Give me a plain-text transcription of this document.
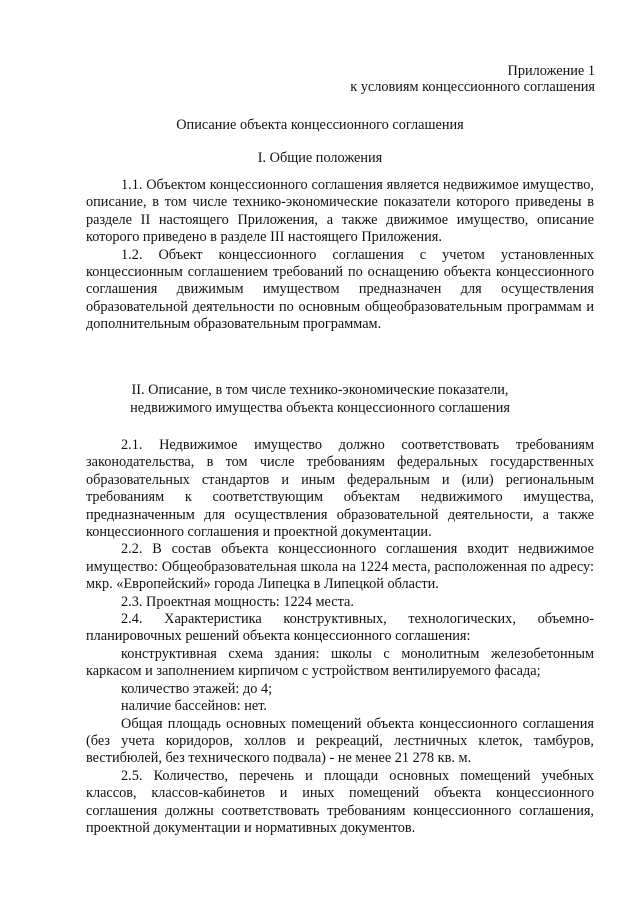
Приложение 1

к условиям концессионного соглашения

Описание объекта концессионного соглашения

I. Общие положения

1.1. Объектом концессионного соглашения является недвижимое имущество, описание, в том числе технико-экономические показатели которого приведены в разделе II настоящего Приложения, а также движимое имущество, описание которого приведено в разделе III настоящего Приложения.

1.2. Объект концессионного соглашения с учетом установленных концессионным соглашением требований по оснащению объекта концессионного соглашения движимым имуществом предназначен для осуществления образовательной деятельности по основным общеобразовательным программам и дополнительным образовательным программам.

II. Описание, в том числе технико-экономические показатели,
недвижимого имущества объекта концессионного соглашения

2.1. Недвижимое имущество должно соответствовать требованиям законодательства, в том числе требованиям федеральных государственных образовательных стандартов и иным федеральным и (или) региональным требованиям к соответствующим объектам недвижимого имущества, предназначенным для осуществления образовательной деятельности, а также концессионного соглашения и проектной документации.

2.2. В состав объекта концессионного соглашения входит недвижимое имущество: Общеобразовательная школа на 1224 места, расположенная по адресу: мкр. «Европейский» города Липецка в Липецкой области.

2.3. Проектная мощность: 1224 места.

2.4. Характеристика конструктивных, технологических, объемно-планировочных решений объекта концессионного соглашения:

конструктивная схема здания: школы с монолитным железобетонным каркасом и заполнением кирпичом с устройством вентилируемого фасада;

количество этажей: до 4;

наличие бассейнов: нет.

Общая площадь основных помещений объекта концессионного соглашения (без учета коридоров, холлов и рекреаций, лестничных клеток, тамбуров, вестибюлей, без технического подвала) - не менее 21 278 кв. м.

2.5. Количество, перечень и площади основных помещений учебных классов, классов-кабинетов и иных помещений объекта концессионного соглашения должны соответствовать требованиям концессионного соглашения, проектной документации и нормативных документов.
